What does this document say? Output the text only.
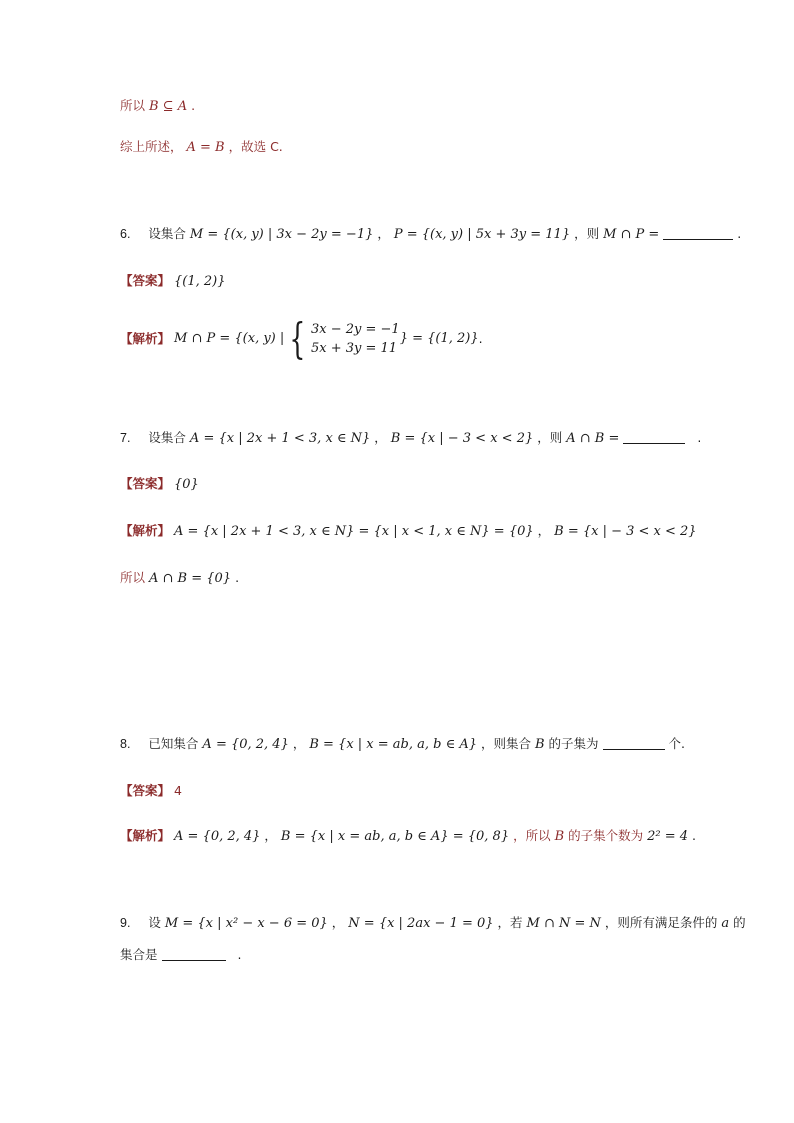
所以 B ⊆ A .
综上所述， A = B ，故选 C.
6. 设集合 M = {(x, y) | 3x − 2y = −1} ， P = {(x, y) | 5x + 3y = 11} ，则 M ∩ P =	.
【答案】 {(1, 2)}
【解析】 M ∩ P = {(x, y) | { 3x − 2y = −1
5x + 3y = 11
} = {(1, 2)} .
7. 设集合 A = {x | 2x + 1 < 3, x ∈ N} ， B = {x | − 3 < x < 2} ，则 A ∩ B =	.
【答案】 {0}
【解析】 A = {x | 2x + 1 < 3, x ∈ N} = {x | x < 1, x ∈ N} = {0} ， B = {x | − 3 < x < 2}
所以 A ∩ B = {0} .
8. 已知集合 A = {0, 2, 4} ， B = {x | x = ab, a, b ∈ A} ，则集合 B 的子集为	个.
【答案】 4
【解析】 A = {0, 2, 4} ， B = {x | x = ab, a, b ∈ A} = {0, 8} ，所以 B 的子集个数为 2² = 4 .
9. 设 M = {x | x² − x − 6 = 0} ， N = {x | 2ax − 1 = 0} ，若 M ∩ N = N ，则所有满足条件的 a 的
集合是	.
